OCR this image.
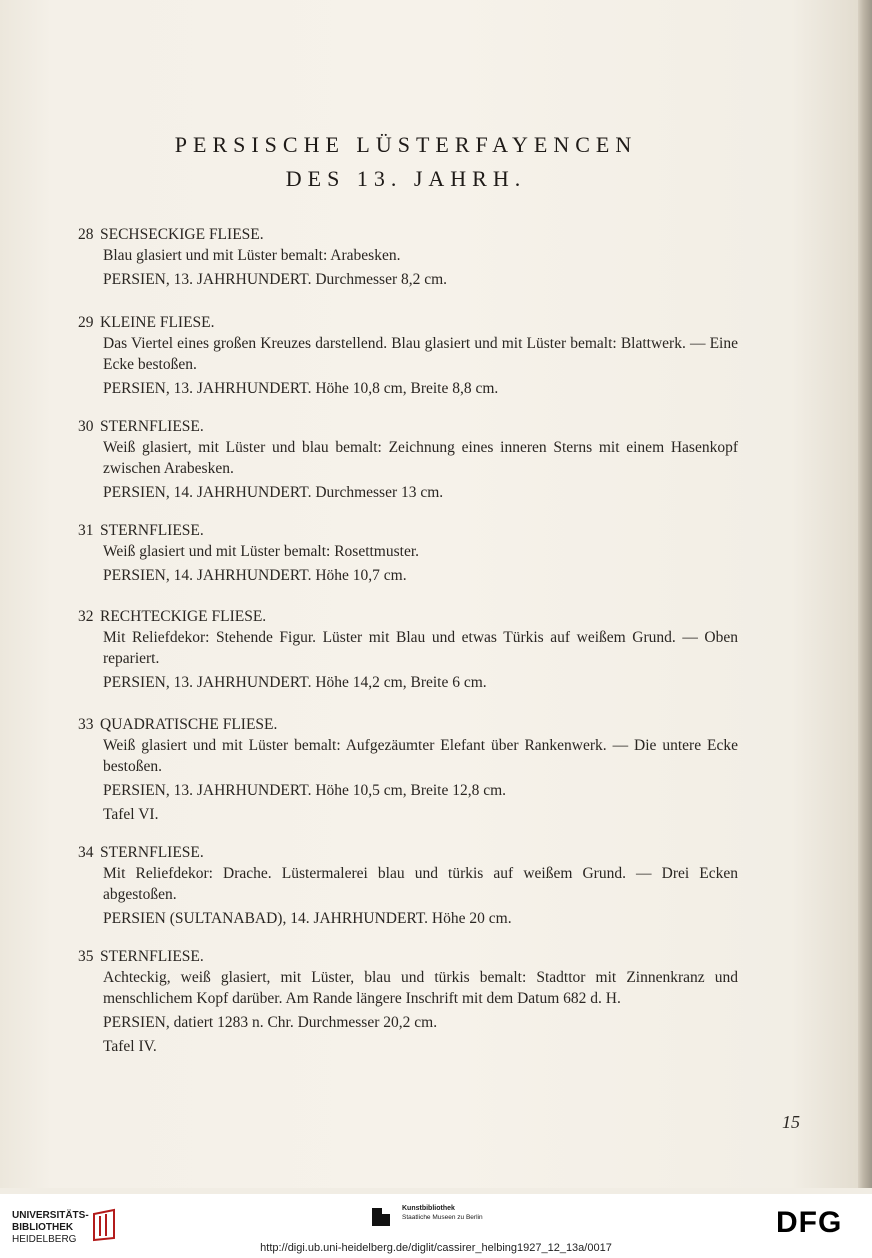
PERSISCHE LÜSTERFAYENCEN
DES 13. JAHRH.
28 SECHSECKIGE FLIESE.
Blau glasiert und mit Lüster bemalt: Arabesken.
PERSIEN, 13. JAHRHUNDERT. Durchmesser 8,2 cm.
29 KLEINE FLIESE.
Das Viertel eines großen Kreuzes darstellend. Blau glasiert und mit Lüster bemalt: Blattwerk. — Eine Ecke bestoßen.
PERSIEN, 13. JAHRHUNDERT. Höhe 10,8 cm, Breite 8,8 cm.
30 STERNFLIESE.
Weiß glasiert, mit Lüster und blau bemalt: Zeichnung eines inneren Sterns mit einem Hasenkopf zwischen Arabesken.
PERSIEN, 14. JAHRHUNDERT. Durchmesser 13 cm.
31 STERNFLIESE.
Weiß glasiert und mit Lüster bemalt: Rosettmuster.
PERSIEN, 14. JAHRHUNDERT. Höhe 10,7 cm.
32 RECHTECKIGE FLIESE.
Mit Reliefdekor: Stehende Figur. Lüster mit Blau und etwas Türkis auf weißem Grund. — Oben repariert.
PERSIEN, 13. JAHRHUNDERT. Höhe 14,2 cm, Breite 6 cm.
33 QUADRATISCHE FLIESE.
Weiß glasiert und mit Lüster bemalt: Aufgezäumter Elefant über Rankenwerk. — Die untere Ecke bestoßen.
PERSIEN, 13. JAHRHUNDERT. Höhe 10,5 cm, Breite 12,8 cm.
Tafel VI.
34 STERNFLIESE.
Mit Reliefdekor: Drache. Lüstermalerei blau und türkis auf weißem Grund. — Drei Ecken abgestoßen.
PERSIEN (SULTANABAD), 14. JAHRHUNDERT. Höhe 20 cm.
35 STERNFLIESE.
Achteckig, weiß glasiert, mit Lüster, blau und türkis bemalt: Stadttor mit Zinnenkranz und menschlichem Kopf darüber. Am Rande längere Inschrift mit dem Datum 682 d. H.
PERSIEN, datiert 1283 n. Chr. Durchmesser 20,2 cm.
Tafel IV.
15
UNIVERSITÄTS-
BIBLIOTHEK
HEIDELBERG
Kunstbibliothek
Staatliche Museen zu Berlin	DFG
http://digi.ub.uni-heidelberg.de/diglit/cassirer_helbing1927_12_13a/0017
